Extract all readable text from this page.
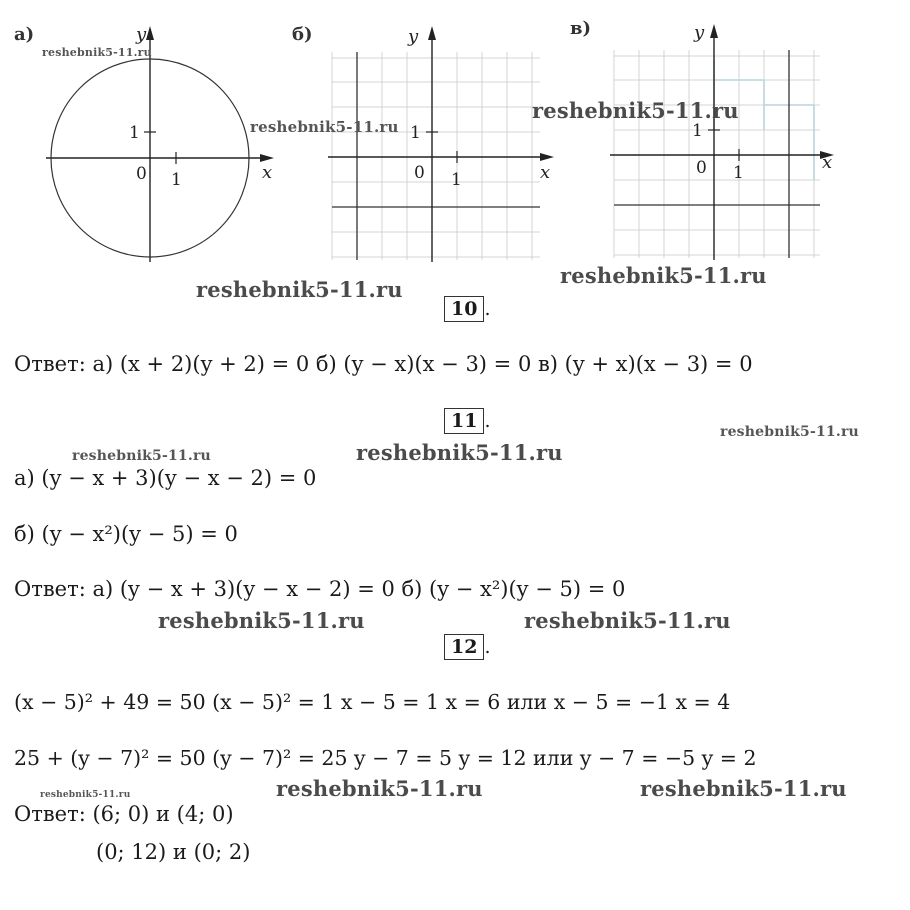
а)	y
x
0 1
1
б)	y
x
0 1
1
в)	y
x
0 1
1
reshebnik5-11.ru
reshebnik5-11.ru
reshebnik5-11.ru
reshebnik5-11.ru
reshebnik5-11.ru
reshebnik5-11.ru	reshebnik5-11.ru
reshebnik5-11.ru
reshebnik5-11.ru	reshebnik5-11.ru
reshebnik5-11.ru	reshebnik5-11.ru
reshebnik5-11.ru
10 .
Ответ: а) (x + 2)(y + 2) = 0 б) (y − x)(x − 3) = 0 в) (y + x)(x − 3) = 0
11 .
а) (y − x + 3)(y − x − 2) = 0
б) (y − x²)(y − 5) = 0
Ответ: а) (y − x + 3)(y − x − 2) = 0 б) (y − x²)(y − 5) = 0
12 .
(x − 5)² + 49 = 50 (x − 5)² = 1 x − 5 = 1 x = 6 или x − 5 = −1 x = 4
25 + (y − 7)² = 50 (y − 7)² = 25 y − 7 = 5 y = 12 или y − 7 = −5 y = 2
Ответ: (6; 0) и (4; 0)
(0; 12) и (0; 2)
